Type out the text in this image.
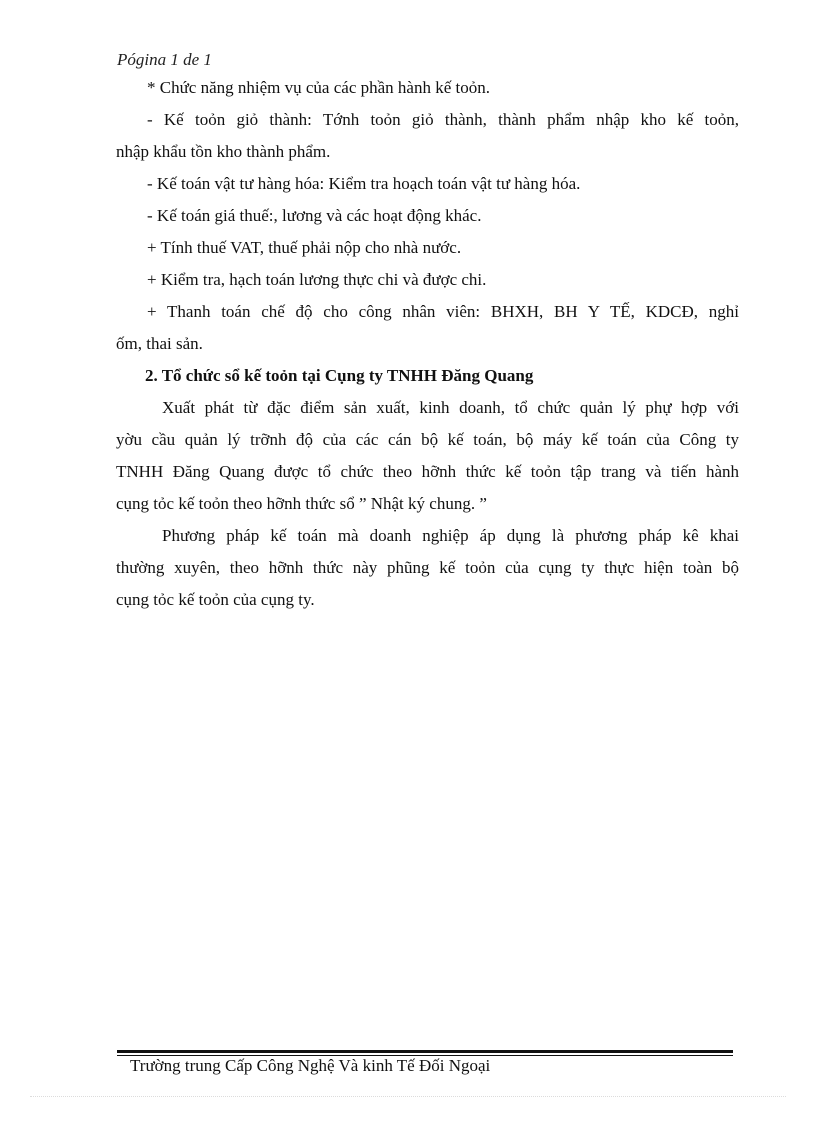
Pógina 1 de 1
* Chức năng nhiệm vụ của các phần hành kế toỏn.
- Kế toỏn giỏ thành: Tớnh toỏn giỏ thành, thành phẩm nhập kho kế toỏn,
nhập khẩu tồn kho thành phẩm.
- Kế toán vật tư hàng hóa: Kiểm tra hoạch toán vật tư hàng hóa.
- Kế toán giá thuế:, lương và các hoạt động khác.
+ Tính thuế VAT, thuế phải nộp cho nhà nước.
+ Kiểm tra, hạch toán lương thực chi và được chi.
+ Thanh toán chế độ cho công nhân viên: BHXH, BH Y TẾ, KDCĐ, nghỉ
ốm, thai sản.
2. Tổ chức sổ kế toỏn tại Cụng ty TNHH Đăng Quang
Xuất phát từ đặc điểm sản xuất, kinh doanh, tổ chức quản lý phự hợp với
yờu cầu quản lý trỡnh độ của các cán bộ kế toán, bộ máy kế toán của Công ty
TNHH Đăng Quang được tổ chức theo hỡnh thức kế toỏn tập trang và tiến hành
cụng tỏc kế toỏn theo hỡnh thức sổ ” Nhật ký chung. ”
Phương pháp kế toán mà doanh nghiệp áp dụng là phương pháp kê khai
thường xuyên, theo hỡnh thức này phũng kế toỏn của cụng ty thực hiện toàn bộ
cụng tỏc kế toỏn của cụng ty.
Trường trung Cấp Công Nghệ Và kinh Tế Đối Ngoại
